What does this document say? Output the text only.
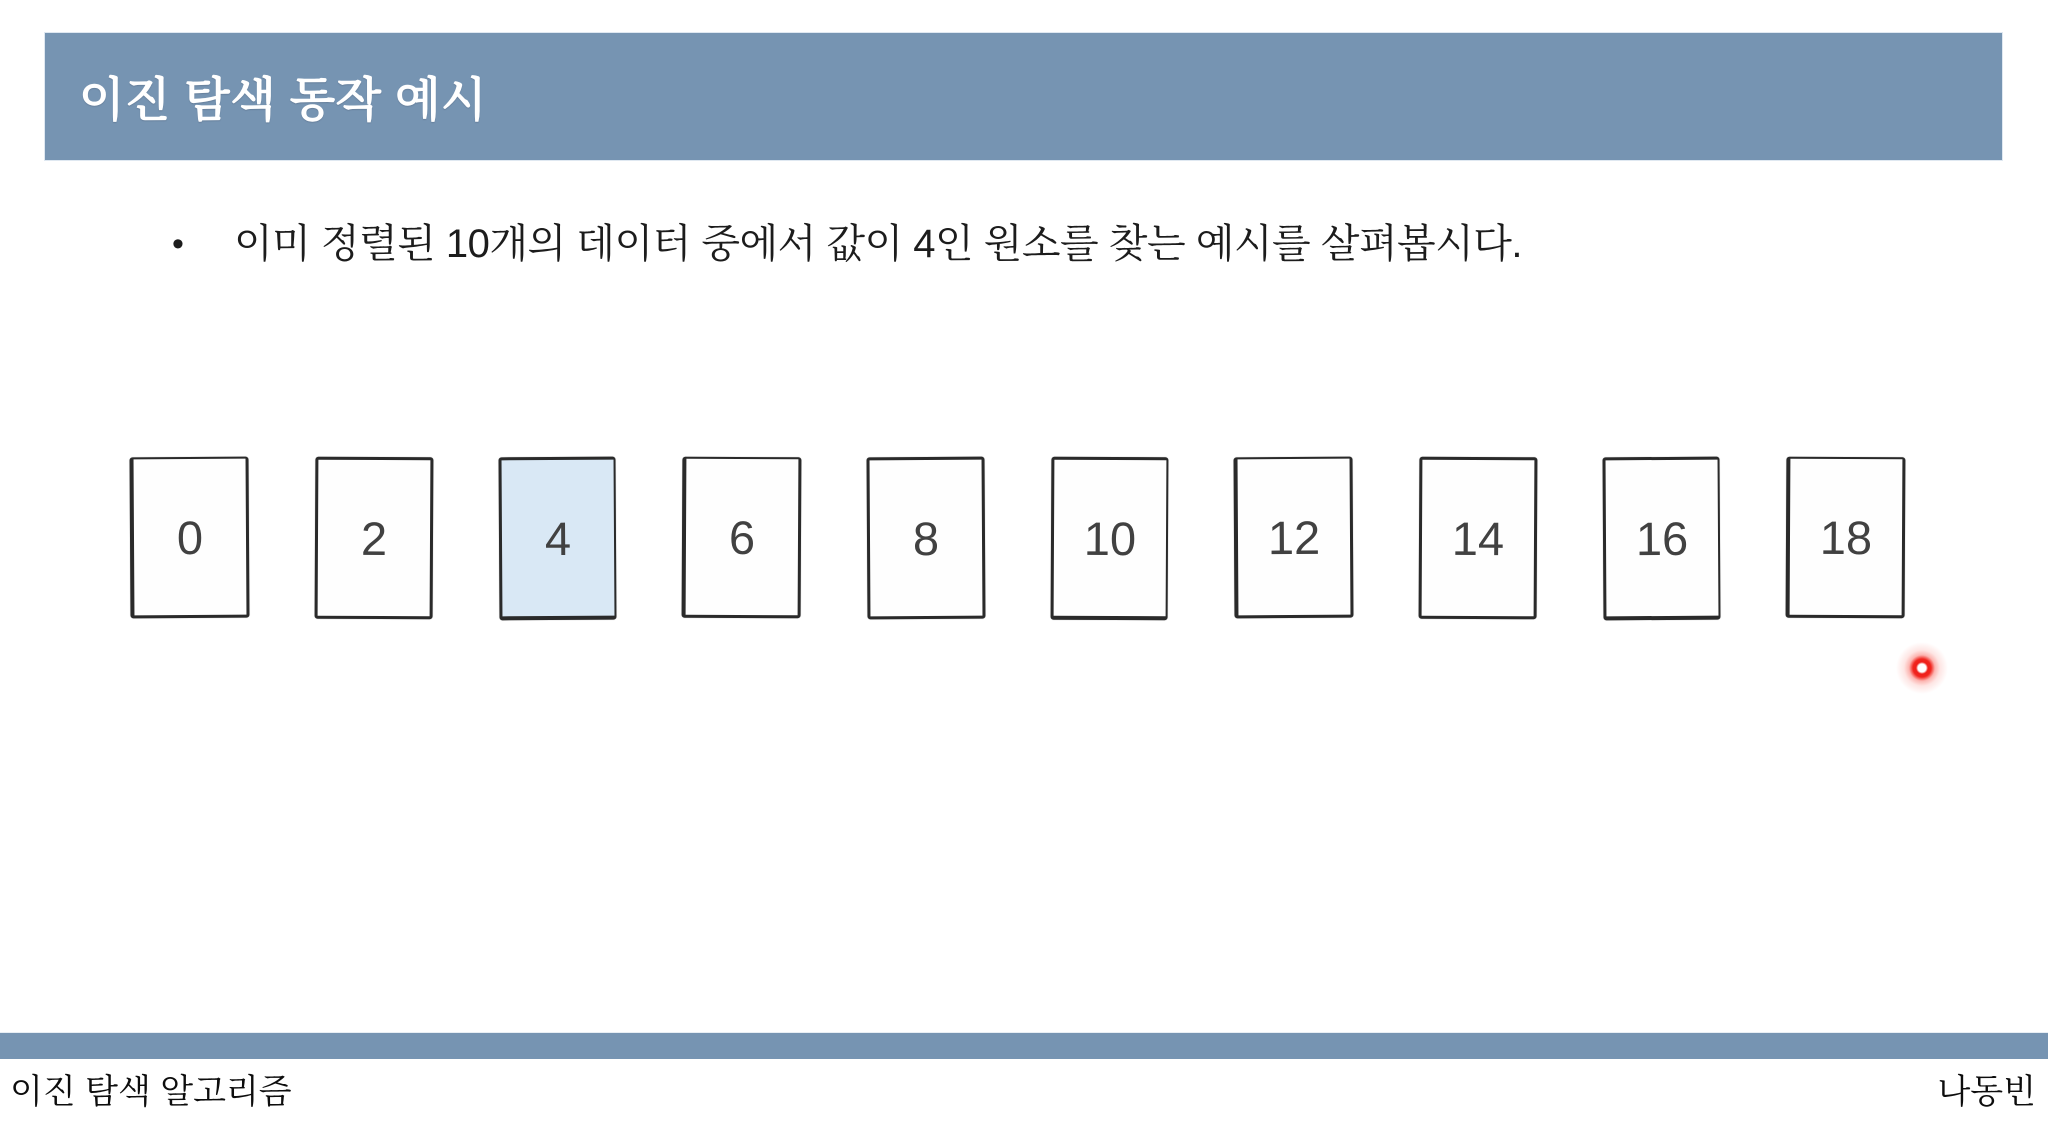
이진 탐색 동작 예시
•	이미 정렬된 10개의 데이터 중에서 값이 4인 원소를 찾는 예시를 살펴봅시다.
0	2	4	6	8	10	12	14	16	18
이진 탐색 알고리즘	나동빈
